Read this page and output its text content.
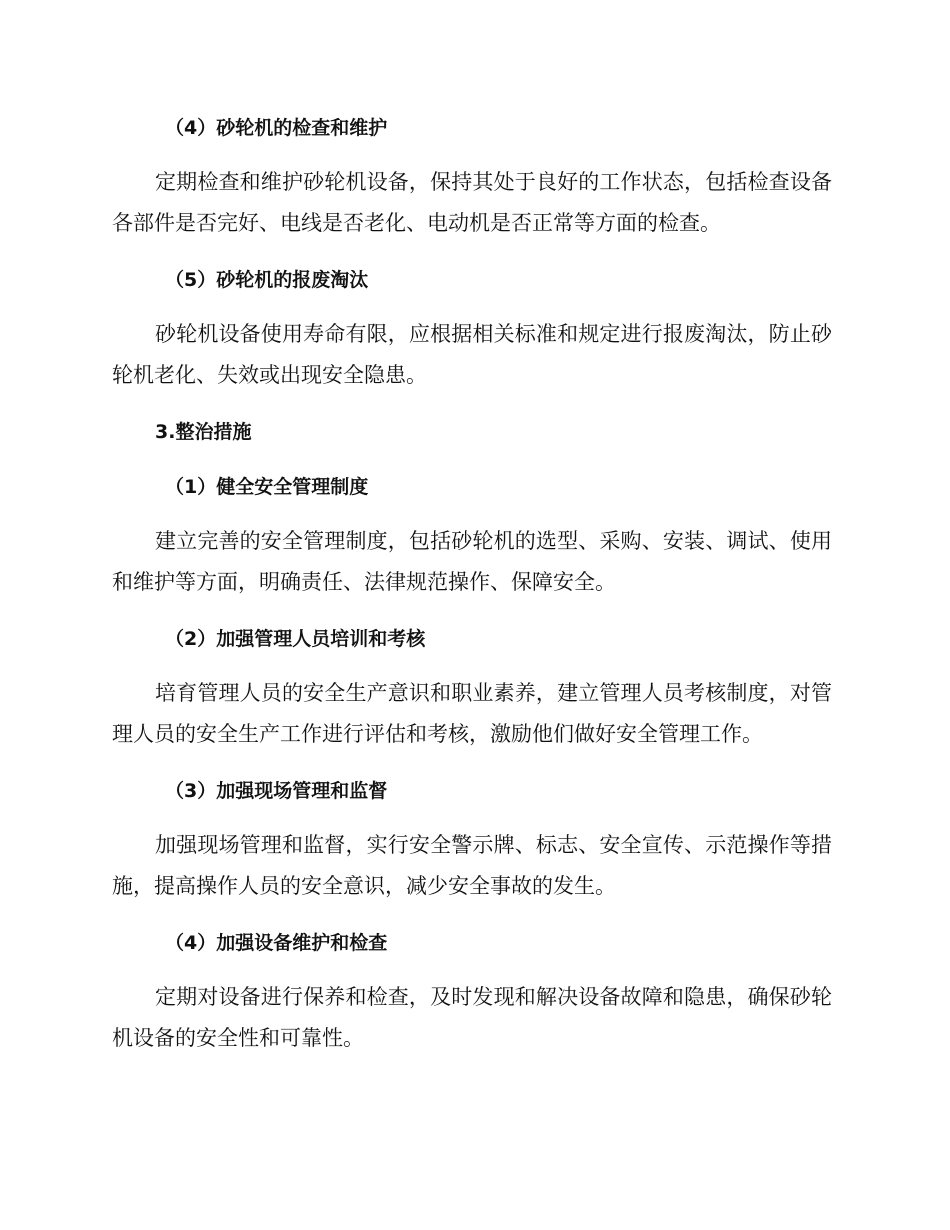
（4）砂轮机的检查和维护

定期检查和维护砂轮机设备，保持其处于良好的工作状态，包括检查设备各部件是否完好、电线是否老化、电动机是否正常等方面的检查。

（5）砂轮机的报废淘汰

砂轮机设备使用寿命有限，应根据相关标准和规定进行报废淘汰，防止砂轮机老化、失效或出现安全隐患。

3.整治措施
（1）健全安全管理制度

建立完善的安全管理制度，包括砂轮机的选型、采购、安装、调试、使用和维护等方面，明确责任、法律规范操作、保障安全。

（2）加强管理人员培训和考核

培育管理人员的安全生产意识和职业素养，建立管理人员考核制度，对管理人员的安全生产工作进行评估和考核，激励他们做好安全管理工作。

（3）加强现场管理和监督

加强现场管理和监督，实行安全警示牌、标志、安全宣传、示范操作等措施，提高操作人员的安全意识，减少安全事故的发生。

（4）加强设备维护和检查

定期对设备进行保养和检查，及时发现和解决设备故障和隐患，确保砂轮机设备的安全性和可靠性。
